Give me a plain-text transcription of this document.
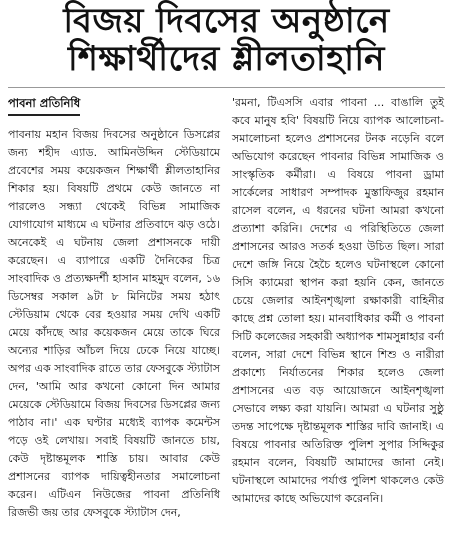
বিজয় দিবসের অনুষ্ঠানে
শিক্ষার্থীদের শ্লীলতাহানি
পাবনা প্রতিনিধি

পাবনায় মহান বিজয় দিবসের অনুষ্ঠানে ডিসপ্লের জন্য শহীদ এ্যাড. আমিনউদ্দিন স্টেডিয়ামে প্রবেশের সময় কয়েকজন শিক্ষার্থী শ্লীলতাহানির শিকার হয়। বিষয়টি প্রথমে কেউ জানতে না পারলেও সন্ধ্যা থেকেই বিভিন্ন সামাজিক যোগাযোগ মাধ্যমে এ ঘটনার প্রতিবাদে ঝড় ওঠে। অনেকেই এ ঘটনায় জেলা প্রশাসনকে দায়ী করেছেন। এ ব্যাপারে একটি দৈনিকের চিত্র সাংবাদিক ও প্রত্যক্ষদর্শী হাসান মাহমুদ বলেন, ১৬ ডিসেম্বর সকাল ৯টা ৮ মিনিটের সময় হঠাৎ স্টেডিয়াম থেকে বের হওয়ার সময় দেখি একটি মেয়ে কাঁদছে আর কয়েকজন মেয়ে তাকে ঘিরে অন্যের শাড়ির আঁচল দিয়ে ঢেকে নিয়ে যাচ্ছে। অপর এক সাংবাদিক রাতে তার ফেসবুকে স্ট্যাটাস দেন, 'আমি আর কখনো কোনো দিন আমার মেয়েকে স্টেডিয়ামে বিজয় দিবসের ডিসপ্লের জন্য পাঠাব না।' এক ঘণ্টার মধ্যেই ব্যাপক কমেন্টস পড়ে ওই লেখায়। সবাই বিষয়টি জানতে চায়, কেউ দৃষ্টান্তমূলক শাস্তি চায়। আবার কেউ প্রশাসনের ব্যাপক দায়িত্বহীনতার সমালোচনা করেন। এটিএন নিউজের পাবনা প্রতিনিধি রিজভী জয় তার ফেসবুকে স্ট্যাটাস দেন,

'রমনা, টিএসসি এবার পাবনা ... বাঙালি তুই কবে মানুষ হবি' বিষয়টি নিয়ে ব্যাপক আলোচনা-সমালোচনা হলেও প্রশাসনের টনক নড়েনি বলে অভিযোগ করেছেন পাবনার বিভিন্ন সামাজিক ও সাংস্কৃতিক কর্মীরা। এ বিষয়ে পাবনা ড্রামা সার্কেলের সাধারণ সম্পাদক মুস্তাফিজুর রহমান রাসেল বলেন, এ ধরনের ঘটনা আমরা কখনো প্রত্যাশা করিনি। দেশের এ পরিস্থিতিতে জেলা প্রশাসনের আরও সতর্ক হওয়া উচিত ছিল। সারা দেশে জঙ্গি নিয়ে হৈচৈ হলেও ঘটনাস্থলে কোনো সিসি ক্যামেরা স্থাপন করা হয়নি কেন, জানতে চেয়ে জেলার আইনশৃঙ্খলা রক্ষাকারী বাহিনীর কাছে প্রশ্ন তোলা হয়। মানবাধিকার কর্মী ও পাবনা সিটি কলেজের সহকারী অধ্যাপক শামসুন্নাহার বর্না বলেন, সারা দেশে বিভিন্ন স্থানে শিশু ও নারীরা প্রকাশ্যে নির্যাতনের শিকার হলেও জেলা প্রশাসনের এত বড় আয়োজনে আইনশৃঙ্খলা সেভাবে লক্ষ্য করা যায়নি। আমরা এ ঘটনার সুষ্ঠু তদন্ত সাপেক্ষে দৃষ্টান্তমূলক শাস্তির দাবি জানাই। এ বিষয়ে পাবনার অতিরিক্ত পুলিশ সুপার সিদ্দিকুর রহমান বলেন, বিষয়টি আমাদের জানা নেই। ঘটনাস্থলে আমাদের পর্যাপ্ত পুলিশ থাকলেও কেউ আমাদের কাছে অভিযোগ করেননি।
